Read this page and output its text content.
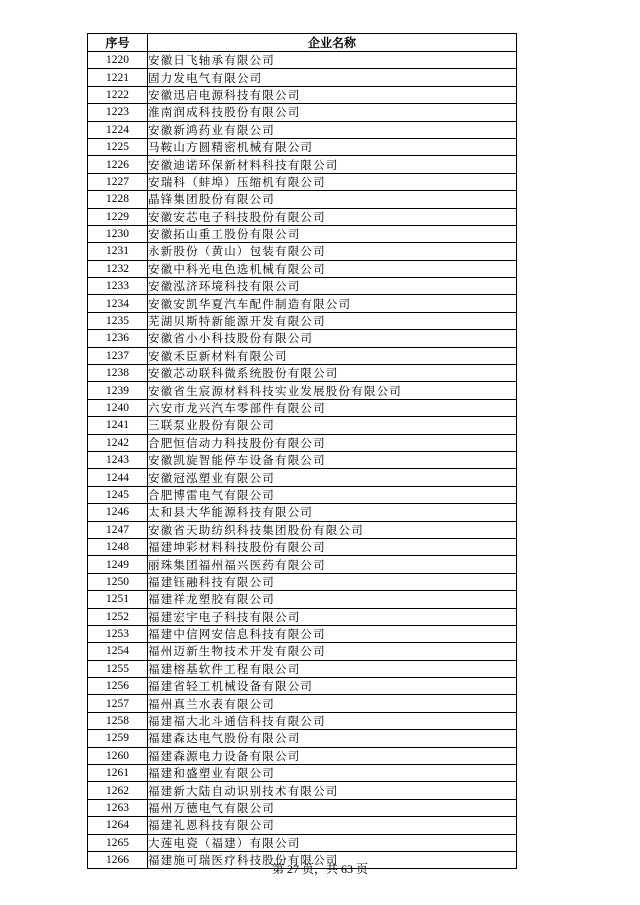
序号	企业名称
1220	安徽日飞轴承有限公司
1221	固力发电气有限公司
1222	安徽迅启电源科技有限公司
1223	淮南润成科技股份有限公司
1224	安徽新鸿药业有限公司
1225	马鞍山方圆精密机械有限公司
1226	安徽迪诺环保新材料科技有限公司
1227	安瑞科（蚌埠）压缩机有限公司
1228	晶锋集团股份有限公司
1229	安徽安芯电子科技股份有限公司
1230	安徽拓山重工股份有限公司
1231	永新股份（黄山）包装有限公司
1232	安徽中科光电色选机械有限公司
1233	安徽泓济环境科技有限公司
1234	安徽安凯华夏汽车配件制造有限公司
1235	芜湖贝斯特新能源开发有限公司
1236	安徽省小小科技股份有限公司
1237	安徽禾臣新材料有限公司
1238	安徽芯动联科微系统股份有限公司
1239	安徽省生宸源材料科技实业发展股份有限公司
1240	六安市龙兴汽车零部件有限公司
1241	三联泵业股份有限公司
1242	合肥恒信动力科技股份有限公司
1243	安徽凯旋智能停车设备有限公司
1244	安徽冠泓塑业有限公司
1245	合肥博雷电气有限公司
1246	太和县大华能源科技有限公司
1247	安徽省天助纺织科技集团股份有限公司
1248	福建坤彩材料科技股份有限公司
1249	丽珠集团福州福兴医药有限公司
1250	福建钰融科技有限公司
1251	福建祥龙塑胶有限公司
1252	福建宏宇电子科技有限公司
1253	福建中信网安信息科技有限公司
1254	福州迈新生物技术开发有限公司
1255	福建榕基软件工程有限公司
1256	福建省轻工机械设备有限公司
1257	福州真兰水表有限公司
1258	福建福大北斗通信科技有限公司
1259	福建森达电气股份有限公司
1260	福建森源电力设备有限公司
1261	福建和盛塑业有限公司
1262	福建新大陆自动识别技术有限公司
1263	福州万德电气有限公司
1264	福建礼恩科技有限公司
1265	大莲电瓷（福建）有限公司
1266	福建施可瑞医疗科技股份有限公司
第 27 页，共 63 页
